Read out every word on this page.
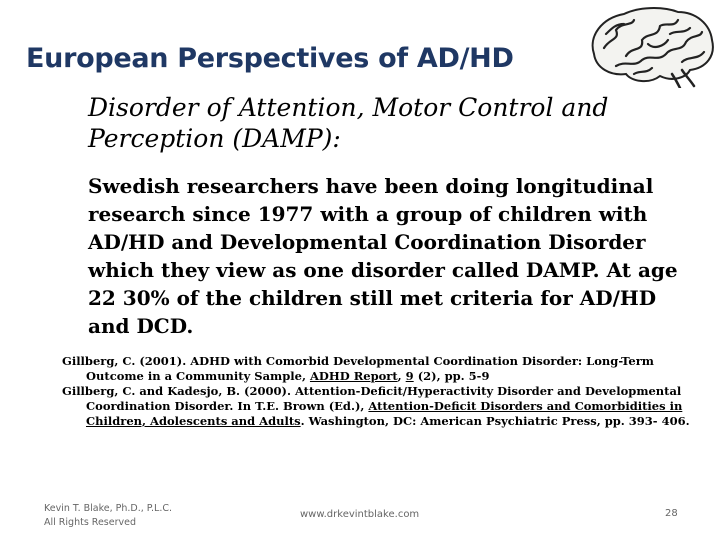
European Perspectives of AD/HD
Disorder of Attention, Motor Control and Perception (DAMP):
Swedish researchers have been doing longitudinal research since 1977 with a group of children with AD/HD and Developmental Coordination Disorder which they view as one disorder called DAMP. At age 22 30% of the children still met criteria for AD/HD and DCD.

Gillberg, C. (2001). ADHD with Comorbid Developmental Coordination Disorder: Long-Term Outcome in a Community Sample, ADHD Report, 9 (2), pp. 5-9

Gillberg, C. and Kadesjo, B. (2000). Attention-Deficit/Hyperactivity Disorder and Developmental Coordination Disorder. In T.E. Brown (Ed.), Attention-Deficit Disorders and Comorbidities in Children, Adolescents and Adults. Washington, DC: American Psychiatric Press, pp. 393- 406.

Kevin T. Blake, Ph.D., P.L.C.
All Rights Reserved
www.drkevintblake.com	28
